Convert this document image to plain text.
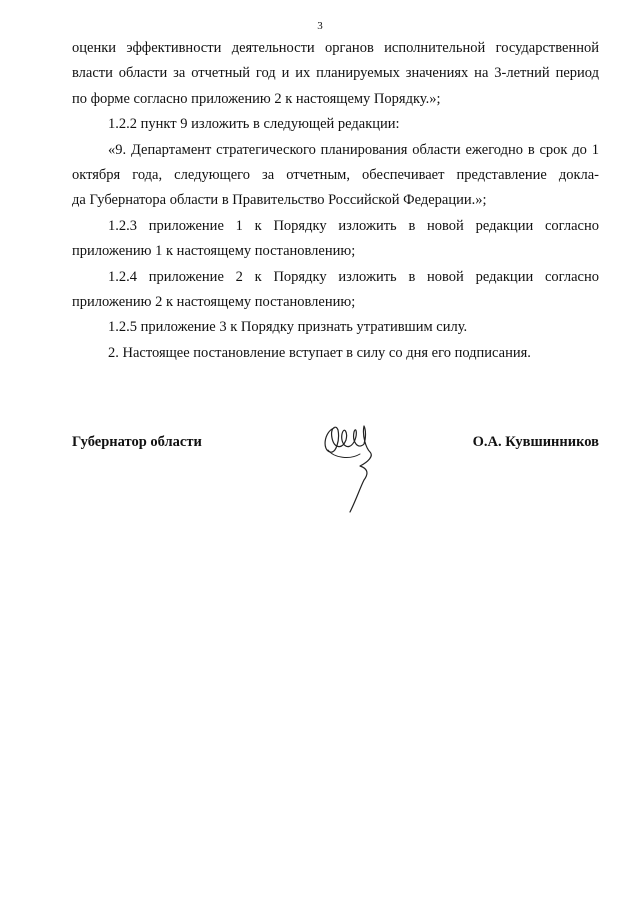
3

оценки эффективности деятельности органов исполнительной государственной власти области за отчетный год и их планируемых значениях на 3-летний период
по форме согласно приложению 2 к настоящему Порядку.»;

1.2.2 пункт 9 изложить в следующей редакции:

«9. Департамент стратегического планирования области ежегодно в срок до 1 октября года, следующего за отчетным, обеспечивает представление докла-
да Губернатора области в Правительство Российской Федерации.»;

1.2.3 приложение 1 к Порядку изложить в новой редакции согласно
приложению 1 к настоящему постановлению;

1.2.4 приложение 2 к Порядку изложить в новой редакции согласно
приложению 2 к настоящему постановлению;

1.2.5 приложение 3 к Порядку признать утратившим силу.

2. Настоящее постановление вступает в силу со дня его подписания.

Губернатор области	О.А. Кувшинников
